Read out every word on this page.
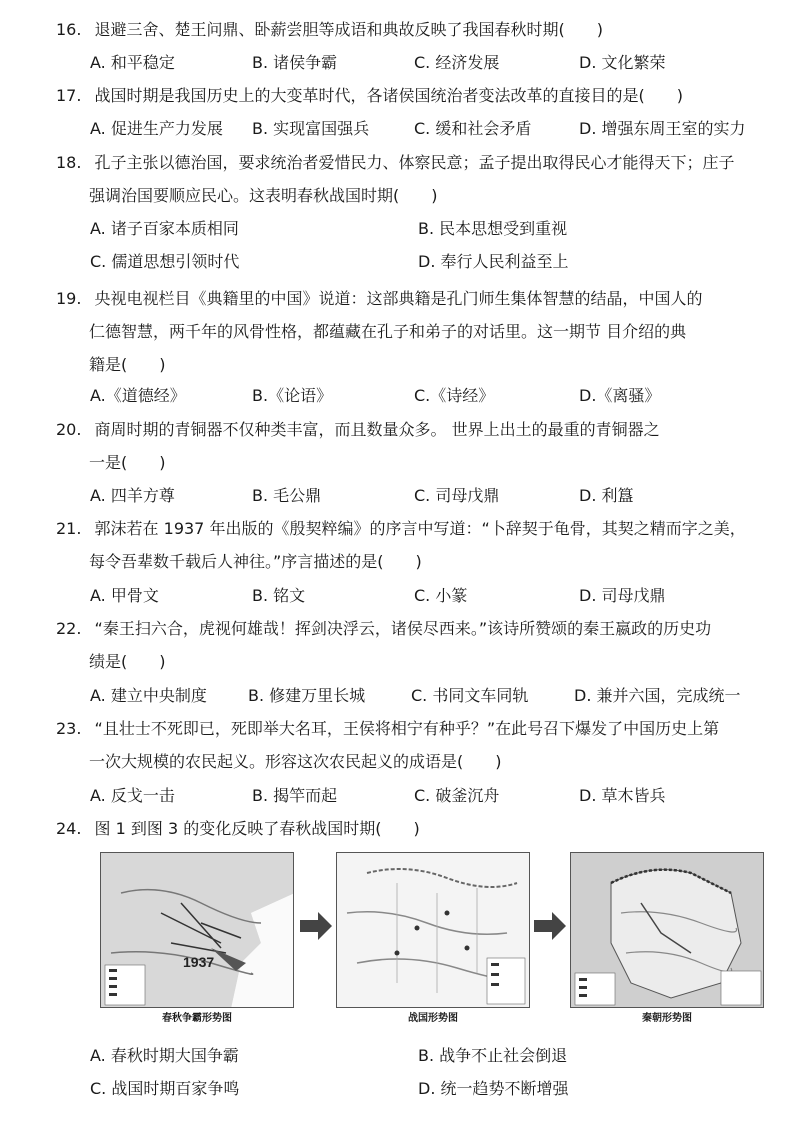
16. 退避三舍、楚王问鼎、卧薪尝胆等成语和典故反映了我国春秋时期(　　)
A. 和平稳定	B. 诸侯争霸	C. 经济发展	D. 文化繁荣
17. 战国时期是我国历史上的大变革时代，各诸侯国统治者变法改革的直接目的是(　　)
A. 促进生产力发展 B. 实现富国强兵	C. 缓和社会矛盾	D. 增强东周王室的实力
18. 孔子主张以德治国，要求统治者爱惜民力、体察民意；孟子提出取得民心才能得天下；庄子
强调治国要顺应民心。这表明春秋战国时期(　　)
A. 诸子百家本质相同	B. 民本思想受到重视
C. 儒道思想引领时代	D. 奉行人民利益至上
19. 央视电视栏目《典籍里的中国》说道：这部典籍是孔门师生集体智慧的结晶，中国人的
仁德智慧，两千年的风骨性格，都蕴藏在孔子和弟子的对话里。这一期节 目介绍的典
籍是(　　)
A.《道德经》	B.《论语》	C.《诗经》	D.《离骚》
20. 商周时期的青铜器不仅种类丰富，而且数量众多。 世界上出土的最重的青铜器之
一是(　　)
A. 四羊方尊	B. 毛公鼎	C. 司母戊鼎	D. 利簋
21. 郭沫若在 1937 年出版的《殷契粹编》的序言中写道：“卜辞契于龟骨，其契之精而字之美，
每令吾辈数千载后人神往。”序言描述的是(　　)
A. 甲骨文	B. 铭文	C. 小篆	D. 司母戊鼎
22. “秦王扫六合，虎视何雄哉！挥剑决浮云，诸侯尽西来。”该诗所赞颂的秦王嬴政的历史功
绩是(　　)
A. 建立中央制度	B. 修建万里长城	C. 书同文车同轨	D. 兼并六国，完成统一
23. “且壮士不死即已，死即举大名耳，王侯将相宁有种乎？”在此号召下爆发了中国历史上第
一次大规模的农民起义。形容这次农民起义的成语是(　　)
A. 反戈一击	B. 揭竿而起	C. 破釜沉舟	D. 草木皆兵
24. 图 1 到图 3 的变化反映了春秋战国时期(　　)
1937
春秋争霸形势图	战国形势图	秦朝形势图
A. 春秋时期大国争霸	B. 战争不止社会倒退
C. 战国时期百家争鸣	D. 统一趋势不断增强
